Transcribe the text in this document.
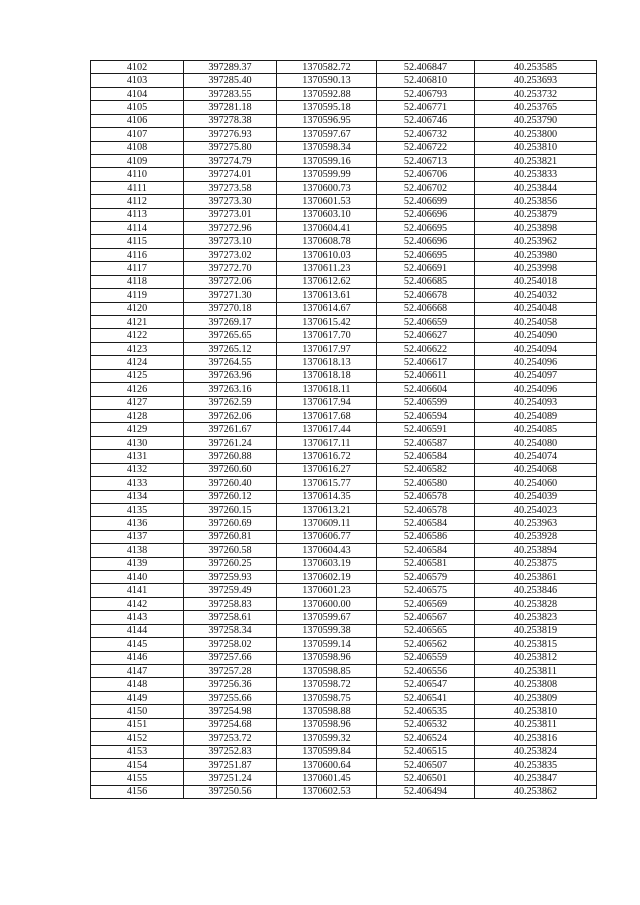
4102	397289.37	1370582.72	52.406847	40.253585
4103	397285.40	1370590.13	52.406810	40.253693
4104	397283.55	1370592.88	52.406793	40.253732
4105	397281.18	1370595.18	52.406771	40.253765
4106	397278.38	1370596.95	52.406746	40.253790
4107	397276.93	1370597.67	52.406732	40.253800
4108	397275.80	1370598.34	52.406722	40.253810
4109	397274.79	1370599.16	52.406713	40.253821
4110	397274.01	1370599.99	52.406706	40.253833
4111	397273.58	1370600.73	52.406702	40.253844
4112	397273.30	1370601.53	52.406699	40.253856
4113	397273.01	1370603.10	52.406696	40.253879
4114	397272.96	1370604.41	52.406695	40.253898
4115	397273.10	1370608.78	52.406696	40.253962
4116	397273.02	1370610.03	52.406695	40.253980
4117	397272.70	1370611.23	52.406691	40.253998
4118	397272.06	1370612.62	52.406685	40.254018
4119	397271.30	1370613.61	52.406678	40.254032
4120	397270.18	1370614.67	52.406668	40.254048
4121	397269.17	1370615.42	52.406659	40.254058
4122	397265.65	1370617.70	52.406627	40.254090
4123	397265.12	1370617.97	52.406622	40.254094
4124	397264.55	1370618.13	52.406617	40.254096
4125	397263.96	1370618.18	52.406611	40.254097
4126	397263.16	1370618.11	52.406604	40.254096
4127	397262.59	1370617.94	52.406599	40.254093
4128	397262.06	1370617.68	52.406594	40.254089
4129	397261.67	1370617.44	52.406591	40.254085
4130	397261.24	1370617.11	52.406587	40.254080
4131	397260.88	1370616.72	52.406584	40.254074
4132	397260.60	1370616.27	52.406582	40.254068
4133	397260.40	1370615.77	52.406580	40.254060
4134	397260.12	1370614.35	52.406578	40.254039
4135	397260.15	1370613.21	52.406578	40.254023
4136	397260.69	1370609.11	52.406584	40.253963
4137	397260.81	1370606.77	52.406586	40.253928
4138	397260.58	1370604.43	52.406584	40.253894
4139	397260.25	1370603.19	52.406581	40.253875
4140	397259.93	1370602.19	52.406579	40.253861
4141	397259.49	1370601.23	52.406575	40.253846
4142	397258.83	1370600.00	52.406569	40.253828
4143	397258.61	1370599.67	52.406567	40.253823
4144	397258.34	1370599.38	52.406565	40.253819
4145	397258.02	1370599.14	52.406562	40.253815
4146	397257.66	1370598.96	52.406559	40.253812
4147	397257.28	1370598.85	52.406556	40.253811
4148	397256.36	1370598.72	52.406547	40.253808
4149	397255.66	1370598.75	52.406541	40.253809
4150	397254.98	1370598.88	52.406535	40.253810
4151	397254.68	1370598.96	52.406532	40.253811
4152	397253.72	1370599.32	52.406524	40.253816
4153	397252.83	1370599.84	52.406515	40.253824
4154	397251.87	1370600.64	52.406507	40.253835
4155	397251.24	1370601.45	52.406501	40.253847
4156	397250.56	1370602.53	52.406494	40.253862
